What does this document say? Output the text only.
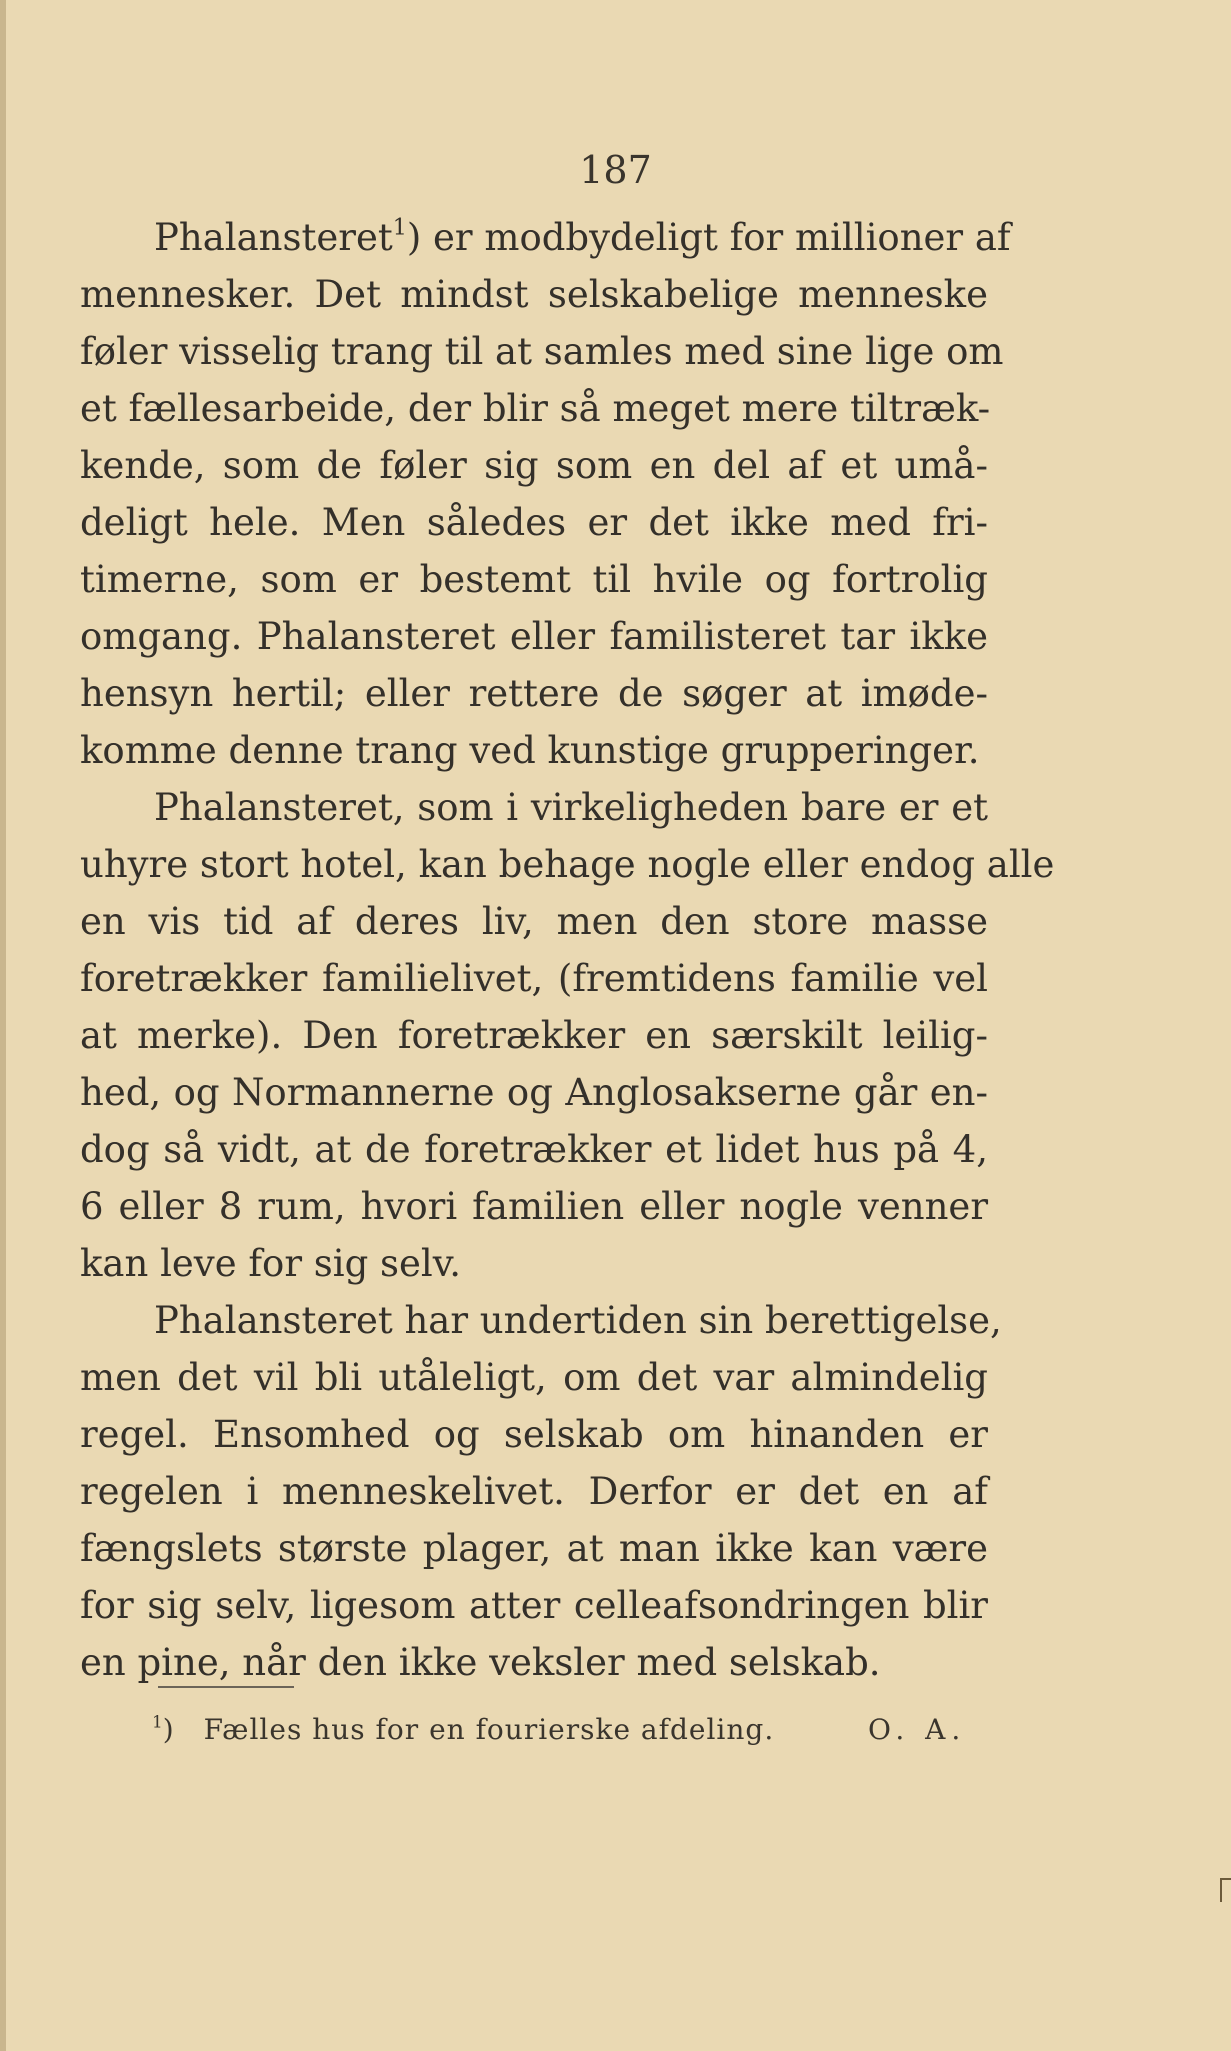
187
Phalansteret$^1$) er modbydeligt for millioner af
mennesker. Det mindst selskabelige menneske
føler visselig trang til at samles med sine lige om
et fællesarbeide, der blir så meget mere tiltræk-
kende, som de føler sig som en del af et umå-
deligt hele. Men således er det ikke med fri-
timerne, som er bestemt til hvile og fortrolig
omgang. Phalansteret eller familisteret tar ikke
hensyn hertil; eller rettere de søger at imøde-
komme denne trang ved kunstige grupperinger.
Phalansteret, som i virkeligheden bare er et
uhyre stort hotel, kan behage nogle eller endog alle
en vis tid af deres liv, men den store masse
foretrækker familielivet, (fremtidens familie vel
at merke). Den foretrækker en særskilt leilig-
hed, og Normannerne og Anglosakserne går en-
dog så vidt, at de foretrækker et lidet hus på 4,
6 eller 8 rum, hvori familien eller nogle venner
kan leve for sig selv.
Phalansteret har undertiden sin berettigelse,
men det vil bli utåleligt, om det var almindelig
regel. Ensomhed og selskab om hinanden er
regelen i menneskelivet. Derfor er det en af
fængslets største plager, at man ikke kan være
for sig selv, ligesom atter celleafsondringen blir
en pine, når den ikke veksler med selskab.
$^1$) Fælles hus for en fourierske afdeling.	O. A.
